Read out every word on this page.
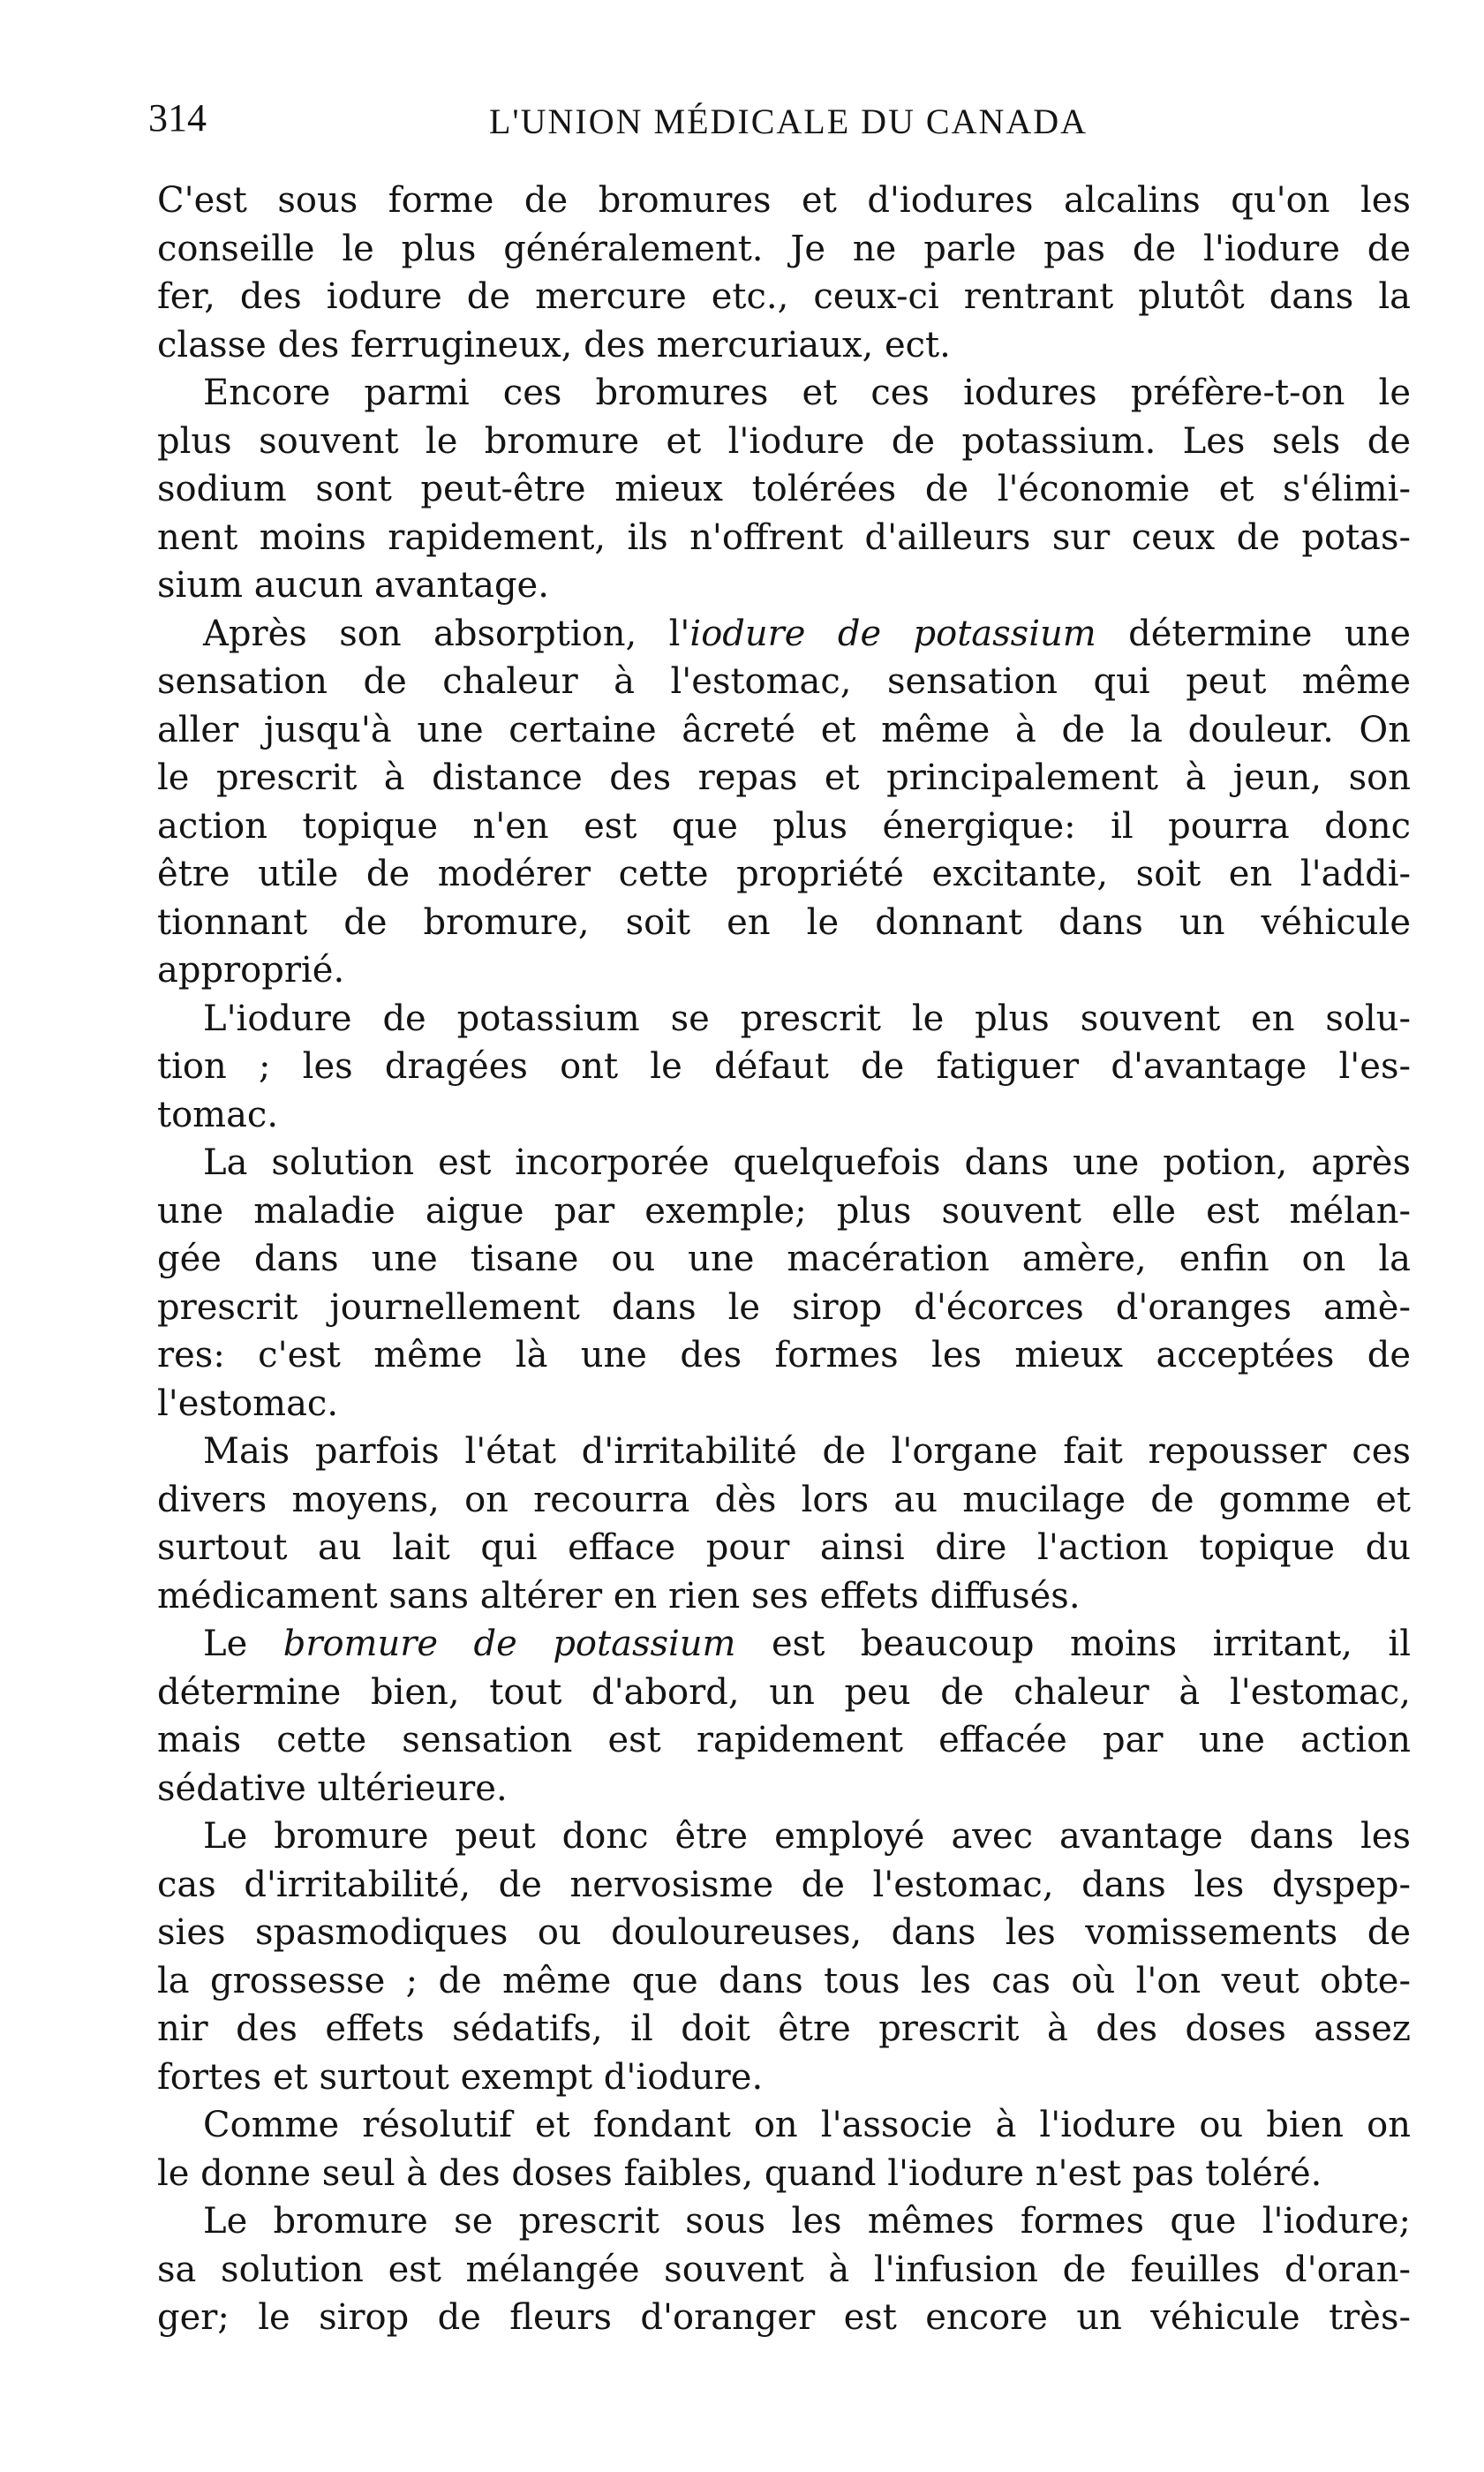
314	L'UNION MÉDICALE DU CANADA
C'est sous forme de bromures et d'iodures alcalins qu'on les
conseille le plus généralement. Je ne parle pas de l'iodure de
fer, des iodure de mercure etc., ceux-ci rentrant plutôt dans la
classe des ferrugineux, des mercuriaux, ect.
Encore parmi ces bromures et ces iodures préfère-t-on le
plus souvent le bromure et l'iodure de potassium. Les sels de
sodium sont peut-être mieux tolérées de l'économie et s'élimi-
nent moins rapidement, ils n'offrent d'ailleurs sur ceux de potas-
sium aucun avantage.
Après son absorption, l'iodure de potassium détermine une
sensation de chaleur à l'estomac, sensation qui peut même
aller jusqu'à une certaine âcreté et même à de la douleur. On
le prescrit à distance des repas et principalement à jeun, son
action topique n'en est que plus énergique: il pourra donc
être utile de modérer cette propriété excitante, soit en l'addi-
tionnant de bromure, soit en le donnant dans un véhicule
approprié.
L'iodure de potassium se prescrit le plus souvent en solu-
tion ; les dragées ont le défaut de fatiguer d'avantage l'es-
tomac.
La solution est incorporée quelquefois dans une potion, après
une maladie aigue par exemple; plus souvent elle est mélan-
gée dans une tisane ou une macération amère, enfin on la
prescrit journellement dans le sirop d'écorces d'oranges amè-
res: c'est même là une des formes les mieux acceptées de
l'estomac.
Mais parfois l'état d'irritabilité de l'organe fait repousser ces
divers moyens, on recourra dès lors au mucilage de gomme et
surtout au lait qui efface pour ainsi dire l'action topique du
médicament sans altérer en rien ses effets diffusés.
Le bromure de potassium est beaucoup moins irritant, il
détermine bien, tout d'abord, un peu de chaleur à l'estomac,
mais cette sensation est rapidement effacée par une action
sédative ultérieure.
Le bromure peut donc être employé avec avantage dans les
cas d'irritabilité, de nervosisme de l'estomac, dans les dyspep-
sies spasmodiques ou douloureuses, dans les vomissements de
la grossesse ; de même que dans tous les cas où l'on veut obte-
nir des effets sédatifs, il doit être prescrit à des doses assez
fortes et surtout exempt d'iodure.
Comme résolutif et fondant on l'associe à l'iodure ou bien on
le donne seul à des doses faibles, quand l'iodure n'est pas toléré.
Le bromure se prescrit sous les mêmes formes que l'iodure;
sa solution est mélangée souvent à l'infusion de feuilles d'oran-
ger; le sirop de fleurs d'oranger est encore un véhicule très-
